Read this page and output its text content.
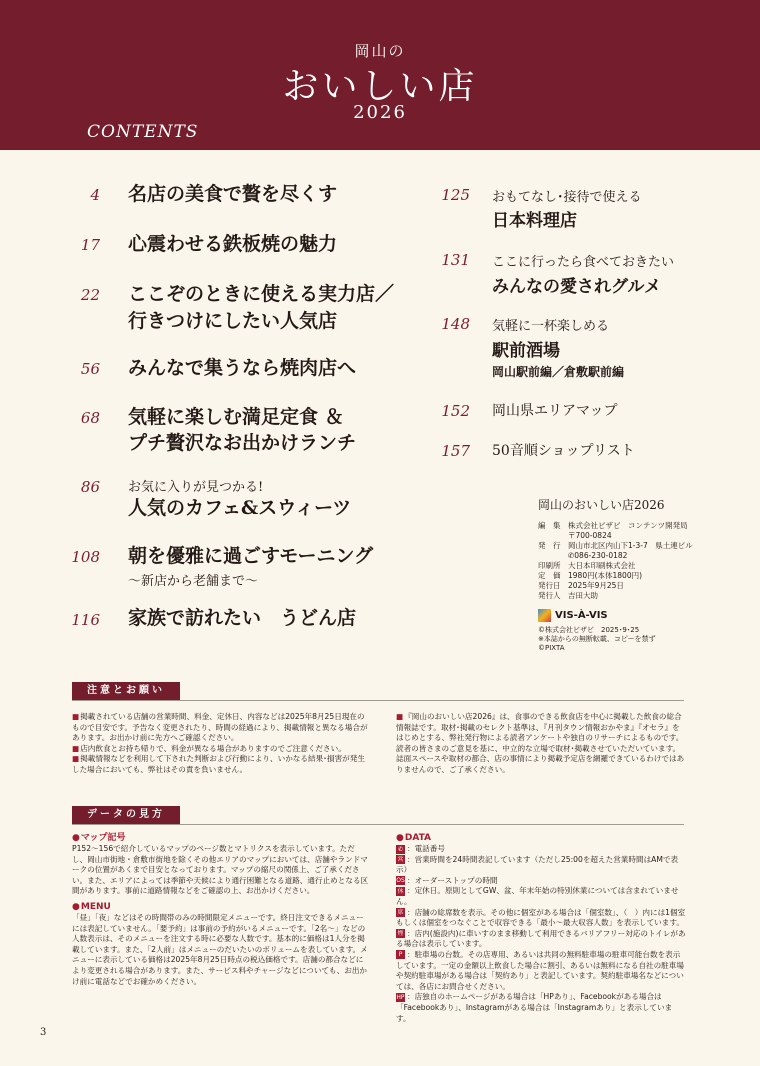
岡山の
おいしい店
2026
CONTENTS
4 名店の美食で贅を尽くす
17 心震わせる鉄板焼の魅力
22 ここぞのときに使える実力店／
行きつけにしたい人気店
56 みんなで集うなら焼肉店へ
68 気軽に楽しむ満足定食 ＆
プチ贅沢なお出かけランチ
86 お気に入りが見つかる!
人気のカフェ&スウィーツ
108 朝を優雅に過ごすモーニング
〜新店から老舗まで〜
116 家族で訪れたい　うどん店
125 おもてなし･接待で使える
日本料理店
131 ここに行ったら食べておきたい
みんなの愛されグルメ
148 気軽に一杯楽しめる
駅前酒場
岡山駅前編／倉敷駅前編
152 岡山県エリアマップ
157 50音順ショップリスト
岡山のおいしい店2026
編　集	株式会社ビザビ　コンテンツ開発局
〒700-0824
発　行	岡山市北区内山下1-3-7　県土連ビル
✆086-230-0182
印刷所	大日本印刷株式会社
定　価	1980円(本体1800円)
発行日	2025年9月25日
発行人	吉田大助
VIS-À-VIS
©株式会社ビザビ　2025･9･25
※本誌からの無断転載、コピーを禁ず
©PIXTA
注意とお願い

■ 掲載されている店舗の営業時間、料金、定休日、内容などは2025年8月25日現在のもので目安です。予告なく変更されたり、時間の経過により、掲載情報と異なる場合があります。お出かけ前に先方へご確認ください。

■ 店内飲食とお持ち帰りで、料金が異なる場合がありますのでご注意ください。

■ 掲載情報などを利用して下された判断および行動により、いかなる結果･損害が発生した場合においても、弊社はその責を負いません。

■ 『岡山のおいしい店2026』は、食事のできる飲食店を中心に掲載した飲食の総合情報誌です。取材･掲載のセレクト基準は、『月刊タウン情報おかやま』『オセラ』をはじめとする、弊社発行物による読者アンケートや独自のリサーチによるものです。読者の皆さまのご意見を基に、中立的な立場で取材･掲載させていただいています。誌面スペースや取材の都合、店の事情により掲載予定店を網羅できているわけではありませんので、ご了承ください。

データの見方
● マップ記号

P152〜156で紹介しているマップのページ数とマトリクスを表示しています。ただし、岡山市街地・倉敷市街地を除くその他エリアのマップにおいては、店舗やランドマークの位置があくまで目安となっております。マップの縮尺の関係上、ご了承ください。また、エリアによっては季節や天候により通行困難となる道路、通行止めとなる区間があります。事前に道路情報などをご確認の上、お出かけください。

● MENU

「昼」「夜」などはその時間帯のみの時間限定メニューです。終日注文できるメニューには表記していません。「要予約」は事前の予約がいるメニューです。「2名〜」などの人数表示は、そのメニューを注文する時に必要な人数です。基本的に価格は1人分を掲載しています。また、「2人前」はメニューのだいたいのボリュームを表しています。メニューに表示している価格は2025年8月25日時点の税込価格です。店舗の都合などにより変更される場合があります。また、サービス料やチャージなどについても、お出かけ前に電話などでお確かめください。

● DATA

✆ ：電話番号

営 ：営業時間を24時間表記しています（ただし25:00を超えた営業時間はAMで表示）

OS ：オーダーストップの時間

休 ：定休日。原則としてGW、盆、年末年始の特別休業については含まれていません。

席 ：店舗の総席数を表示。その他に個室がある場合は「個室数」、（　）内には1個室もしくは個室をつなぐことで収容できる「最小〜最大収容人数」を表示しています。

煙 ：店内(施設内)に車いすのまま移動して利用できるバリアフリー対応のトイレがある場合は表示しています。

P ：駐車場の台数。その店専用、あるいは共同の無料駐車場の駐車可能台数を表示しています。一定の金額以上飲食した場合に割引、あるいは無料になる自社の駐車場や契約駐車場がある場合は「契約あり」と表記しています。契約駐車場名などについては、各店にお問合せください。

HP ：店独自のホームページがある場合は「HPあり」、Facebookがある場合は「Facebookあり」、Instagramがある場合は「Instagramあり」と表示しています。

3
